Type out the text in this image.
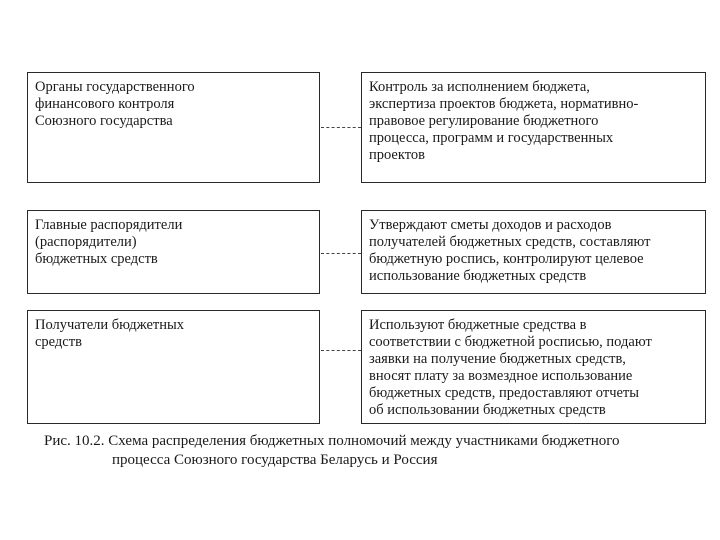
Органы государственного

финансового контроля

Союзного государства

Контроль за исполнением бюджета,

экспертиза проектов бюджета, нормативно-

правовое регулирование бюджетного

процесса, программ и государственных

проектов

Главные распорядители

(распорядители)

бюджетных средств

Утверждают сметы доходов и расходов

получателей бюджетных средств, составляют

бюджетную роспись, контролируют целевое

использование бюджетных средств

Получатели бюджетных

средств

Используют бюджетные средства в

соответствии с бюджетной росписью, подают

заявки на получение бюджетных средств,

вносят плату за возмездное использование

бюджетных средств, предоставляют отчеты

об использовании бюджетных средств

Рис. 10.2. Схема распределения бюджетных полномочий между участниками бюджетного

процесса Союзного государства Беларусь и Россия
